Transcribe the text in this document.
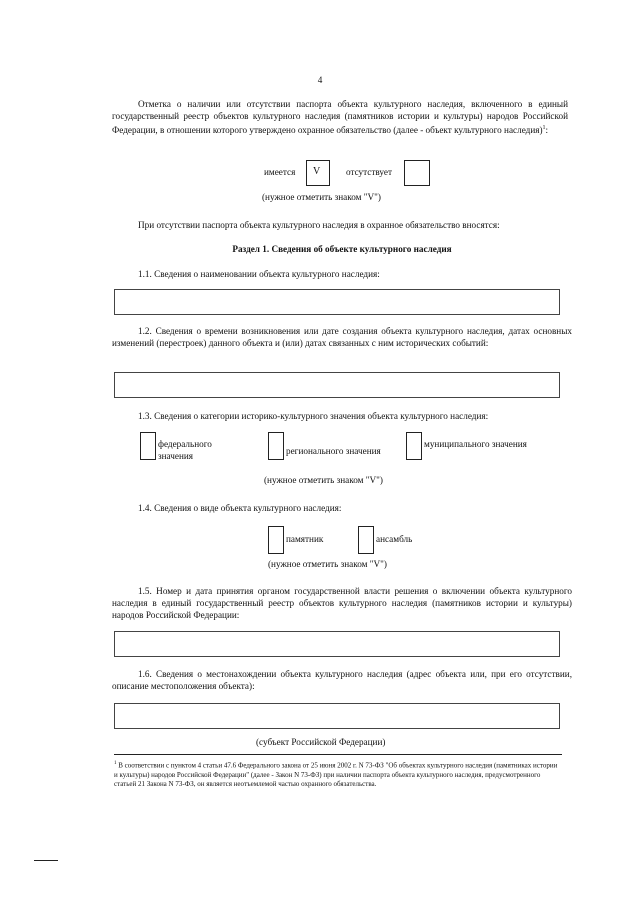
4
Отметка о наличии или отсутствии паспорта объекта культурного наследия, включенного в единый государственный реестр объектов культурного наследия (памятников истории и культуры) народов Российской Федерации, в отношении которого утверждено охранное обязательство (далее - объект культурного наследия)$^1$:
имеется V	отсутствует
(нужное отметить знаком "V")
При отсутствии паспорта объекта культурного наследия в охранное обязательство вносятся:
Раздел 1. Сведения об объекте культурного наследия
1.1. Сведения о наименовании объекта культурного наследия:
1.2. Сведения о времени возникновения или дате создания объекта культурного наследия, датах основных изменений (перестроек) данного объекта и (или) датах связанных с ним исторических событий:
1.3. Сведения о категории историко-культурного значения объекта культурного наследия:
федерального значения
регионального значения
муниципального значения
(нужное отметить знаком "V")
1.4. Сведения о виде объекта культурного наследия:
памятник	ансамбль
(нужное отметить знаком "V")
1.5. Номер и дата принятия органом государственной власти решения о включении объекта культурного наследия в единый государственный реестр объектов культурного наследия (памятников истории и культуры) народов Российской Федерации:
1.6. Сведения о местонахождении объекта культурного наследия (адрес объекта или, при его отсутствии, описание местоположения объекта):
(субъект Российской Федерации)
$^1$ В соответствии с пунктом 4 статьи 47.6 Федерального закона от 25 июня 2002 г. N 73-ФЗ "Об объектах культурного наследия (памятниках истории и культуры) народов Российской Федерации" (далее - Закон N 73-ФЗ) при наличии паспорта объекта культурного наследия, предусмотренного статьей 21 Закона N 73-ФЗ, он является неотъемлемой частью охранного обязательства.
